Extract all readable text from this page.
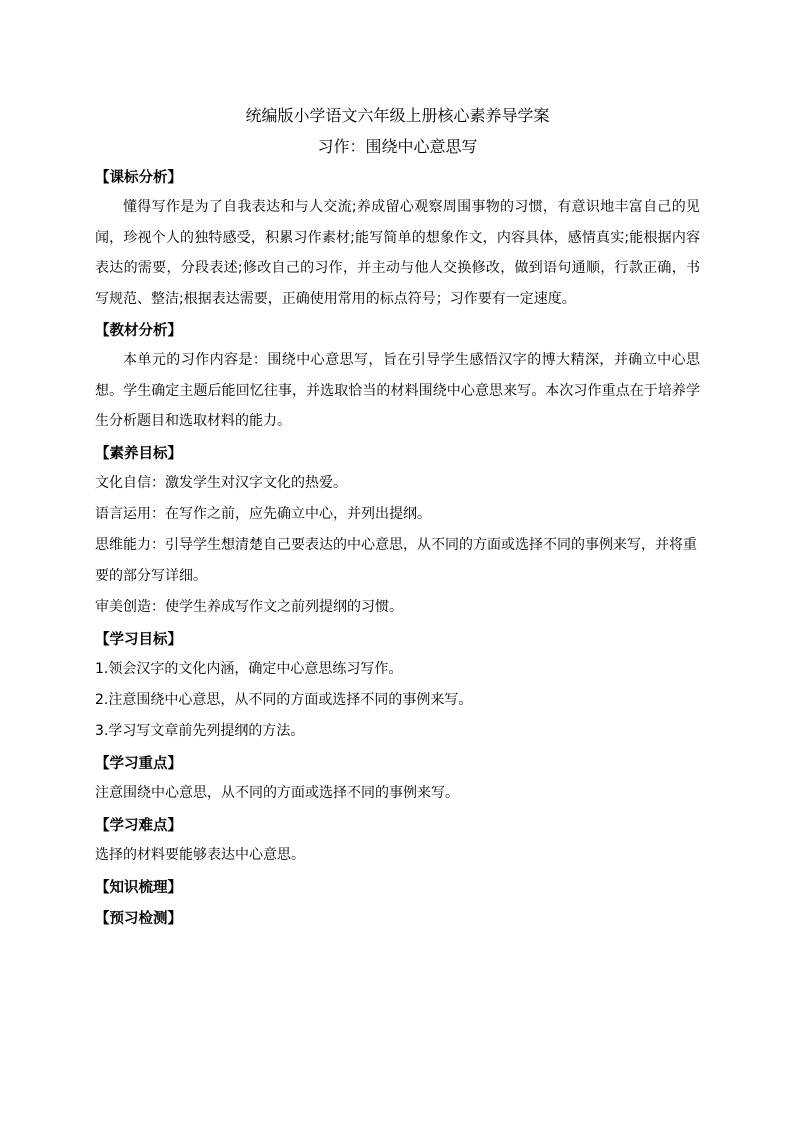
统编版小学语文六年级上册核心素养导学案
习作：围绕中心意思写
【课标分析】

懂得写作是为了自我表达和与人交流;养成留心观察周围事物的习惯，有意识地丰富自己的见闻，珍视个人的独特感受，积累习作素材;能写简单的想象作文，内容具体，感情真实;能根据内容表达的需要，分段表述;修改自己的习作，并主动与他人交换修改，做到语句通顺，行款正确，书写规范、整洁;根据表达需要，正确使用常用的标点符号；习作要有一定速度。

【教材分析】

本单元的习作内容是：围绕中心意思写，旨在引导学生感悟汉字的博大精深，并确立中心思想。学生确定主题后能回忆往事，并选取恰当的材料围绕中心意思来写。本次习作重点在于培养学生分析题目和选取材料的能力。

【素养目标】

文化自信：激发学生对汉字文化的热爱。

语言运用：在写作之前，应先确立中心，并列出提纲。

思维能力：引导学生想清楚自己要表达的中心意思，从不同的方面或选择不同的事例来写，并将重要的部分写详细。

审美创造：使学生养成写作文之前列提纲的习惯。

【学习目标】

1.领会汉字的文化内涵，确定中心意思练习写作。

2.注意围绕中心意思，从不同的方面或选择不同的事例来写。

3.学习写文章前先列提纲的方法。

【学习重点】

注意围绕中心意思，从不同的方面或选择不同的事例来写。

【学习难点】

选择的材料要能够表达中心意思。

【知识梳理】
【预习检测】
